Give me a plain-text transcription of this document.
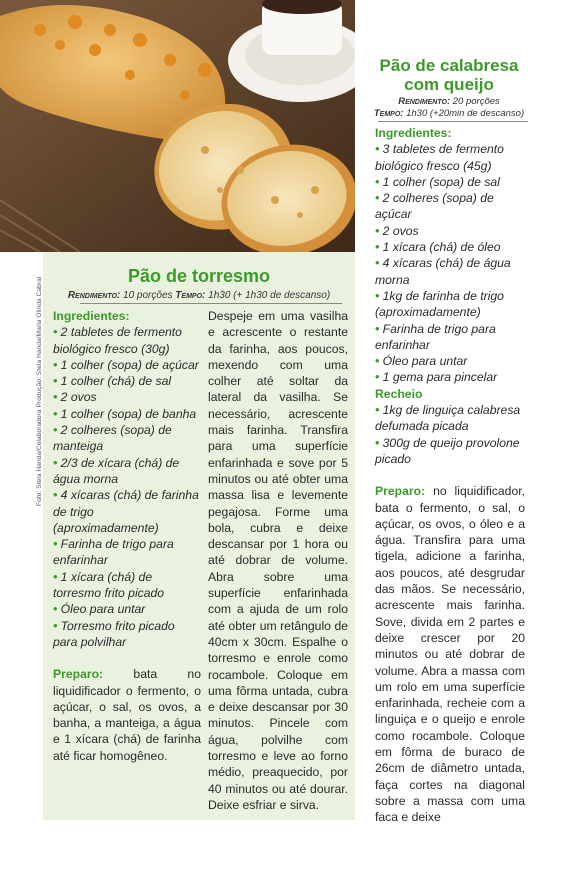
Foto: Stela Handa/Colaboradora Produção: Stela Handa/Maria Olinda Cabral
Pão de torresmo
Rendimento: 10 porções Tempo: 1h30 (+ 1h30 de descanso)
Ingredientes:
• 2 tabletes de fermento biológico fresco (30g)
• 1 colher (sopa) de açúcar
• 1 colher (chá) de sal
• 2 ovos
• 1 colher (sopa) de banha
• 2 colheres (sopa) de manteiga
• 2/3 de xícara (chá) de água morna
• 4 xícaras (chá) de farinha de trigo (aproximadamente)
• Farinha de trigo para enfarinhar
• 1 xícara (chá) de torresmo frito picado
• Óleo para untar
• Torresmo frito picado para polvilhar
Preparo: bata no liquidificador o fermento, o açúcar, o sal, os ovos, a banha, a manteiga, a água e 1 xícara (chá) de farinha até ficar homogêneo.
Despeje em uma vasilha e acrescente o restante da farinha, aos poucos, mexendo com uma colher até soltar da lateral da vasilha. Se necessário, acrescente mais farinha. Transfira para uma superfície enfarinhada e sove por 5 minutos ou até obter uma massa lisa e levemente pegajosa. Forme uma bola, cubra e deixe descansar por 1 hora ou até dobrar de volume. Abra sobre uma superfície enfarinhada com a ajuda de um rolo até obter um retângulo de 40cm x 30cm. Espalhe o torresmo e enrole como rocambole. Coloque em uma fôrma untada, cubra e deixe descansar por 30 minutos. Pincele com água, polvilhe com torresmo e leve ao forno médio, preaquecido, por 40 minutos ou até dourar. Deixe esfriar e sirva.
Pão de calabresa com queijo
Rendimento: 20 porções
Tempo: 1h30 (+20min de descanso)
Ingredientes:
• 3 tabletes de fermento biológico fresco (45g)
• 1 colher (sopa) de sal
• 2 colheres (sopa) de açúcar
• 2 ovos
• 1 xícara (chá) de óleo
• 4 xícaras (chá) de água morna
• 1kg de farinha de trigo (aproximadamente)
• Farinha de trigo para enfarinhar
• Óleo para untar
• 1 gema para pincelar
Recheio
• 1kg de linguiça calabresa defumada picada
• 300g de queijo provolone picado
Preparo: no liquidificador, bata o fermento, o sal, o açúcar, os ovos, o óleo e a água. Transfira para uma tigela, adicione a farinha, aos poucos, até desgrudar das mãos. Se necessário, acrescente mais farinha. Sove, divida em 2 partes e deixe crescer por 20 minutos ou até dobrar de volume. Abra a massa com um rolo em uma superfície enfarinhada, recheie com a linguiça e o queijo e enrole como rocambole. Coloque em fôrma de buraco de 26cm de diâmetro untada, faça cortes na diagonal sobre a massa com uma faca e deixe
